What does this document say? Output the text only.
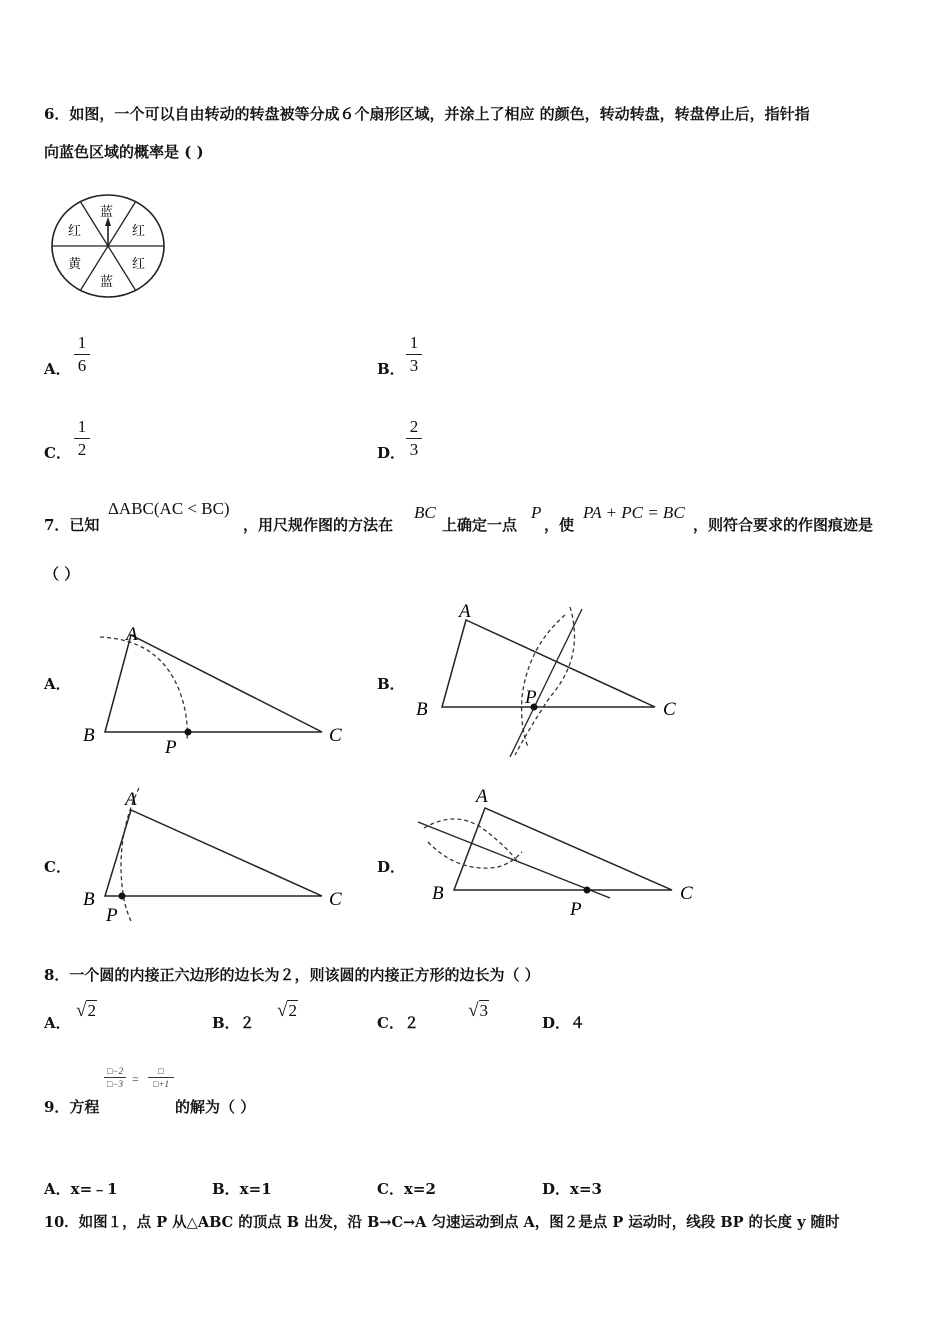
6．如图，一个可以自由转动的转盘被等分成６个扇形区域，并涂上了相应 的颜色，转动转盘，转盘停止后，指针指
向蓝色区域的概率是 ( )
蓝
红
红
蓝
黄
红
A．
1
6	B．
1
3
C．
1
2	D．
2
3
7．已知
ΔABC(AC < BC)
，用尺规作图的方法在
BC
上确定一点
P
，使
PA + PC = BC
，则符合要求的作图痕迹是
（ ）
A．	B．
C．	D．
A
B	C
P
A
B	C
P
A
B	C
P
A
B	C
P
8．一个圆的内接正六边形的边长为２，则该圆的内接正方形的边长为（ ）
A．
√2
B．２
√2
C．２
√3
D．４
□−2
□−3 =
□
□+1
9．方程	的解为（ ）
A．x=﹣1	B．x=1	C．x=2	D．x=3
10．如图１，点 P 从△ABC 的顶点 B 出发，沿 B→C→A 匀速运动到点 A，图２是点 P 运动时，线段 BP 的长度 y 随时
